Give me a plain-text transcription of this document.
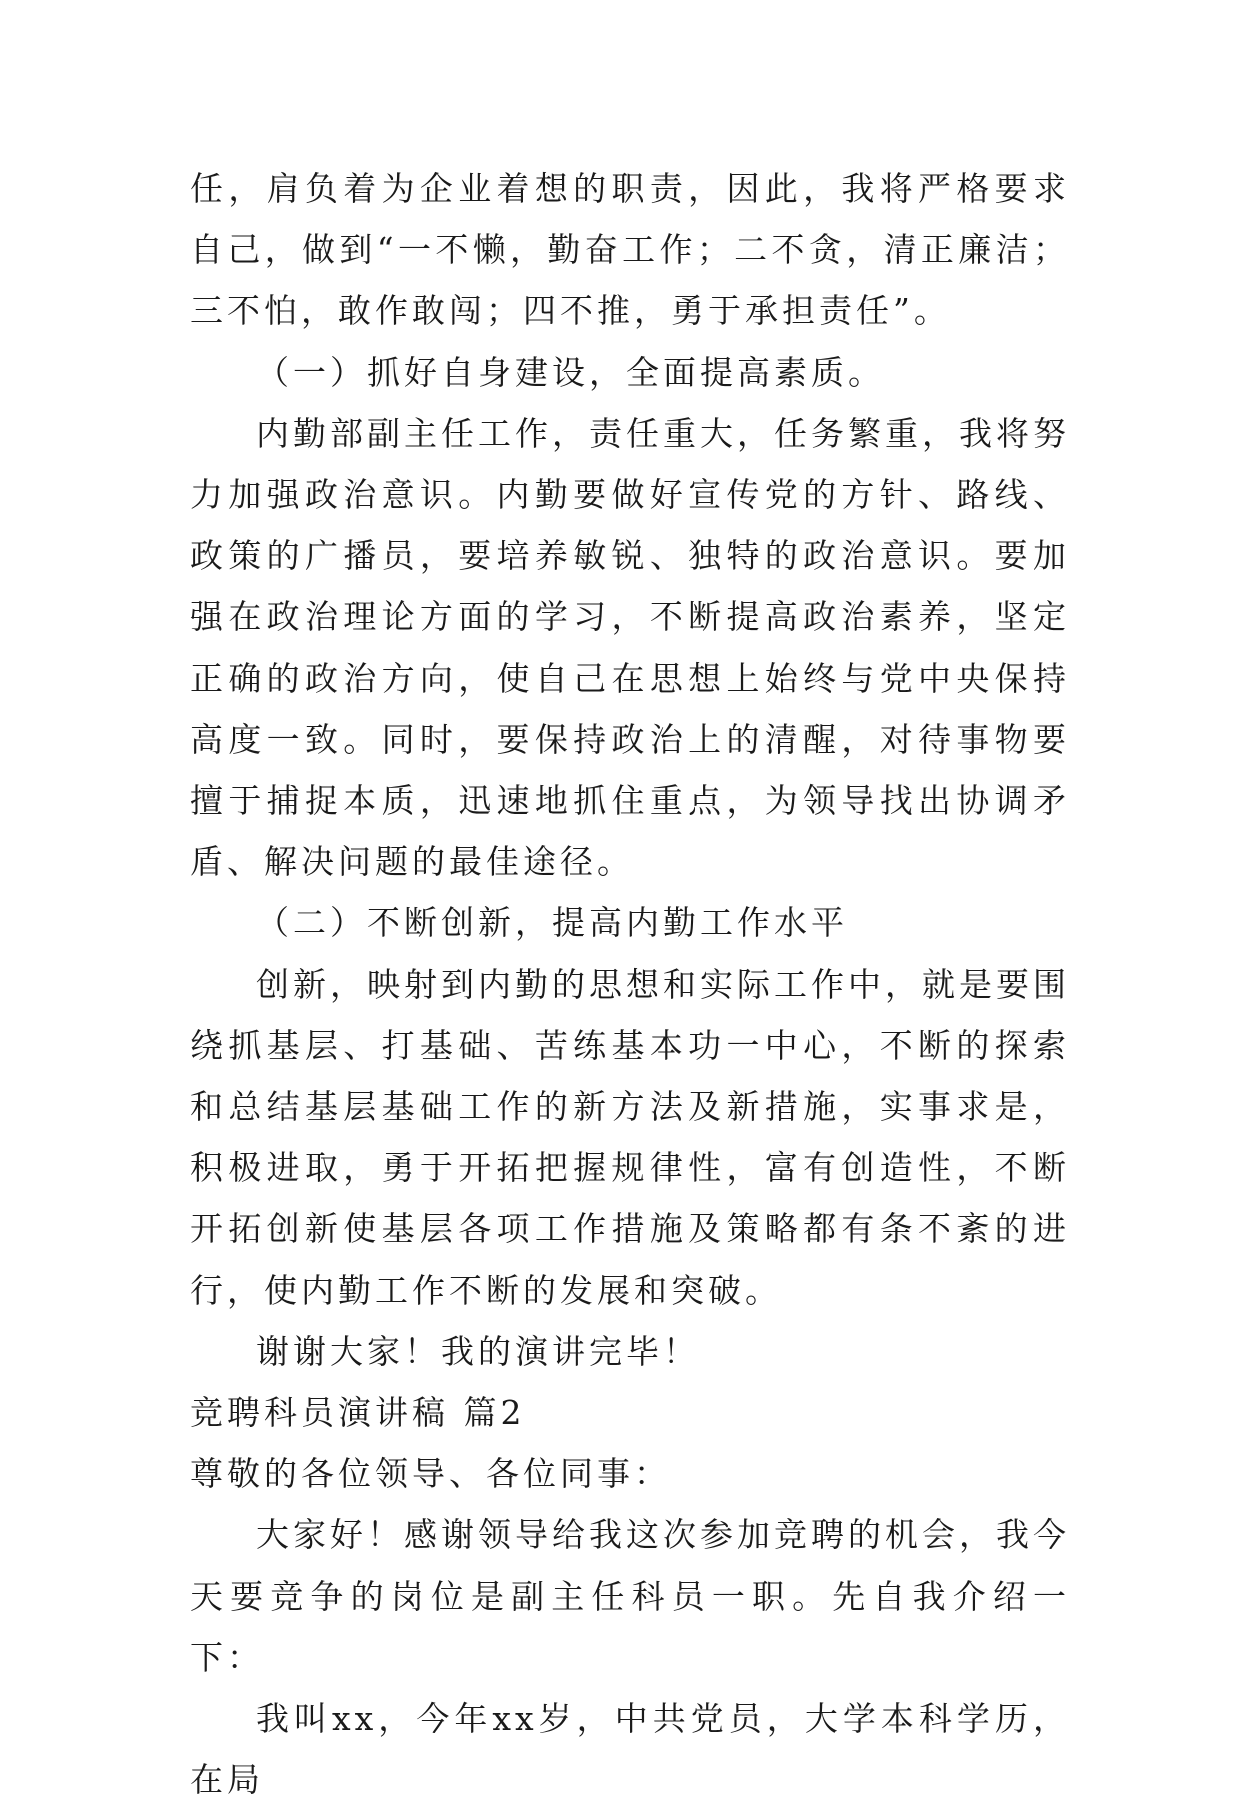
任，肩负着为企业着想的职责，因此，我将严格要求自己，做到“一不懒，勤奋工作；二不贪，清正廉洁；三不怕，敢作敢闯；四不推，勇于承担责任”。

（一）抓好自身建设，全面提高素质。

内勤部副主任工作，责任重大，任务繁重，我将努力加强政治意识。内勤要做好宣传党的方针、路线、政策的广播员，要培养敏锐、独特的政治意识。要加强在政治理论方面的学习，不断提高政治素养，坚定正确的政治方向，使自己在思想上始终与党中央保持高度一致。同时，要保持政治上的清醒，对待事物要擅于捕捉本质，迅速地抓住重点，为领导找出协调矛盾、解决问题的最佳途径。

（二）不断创新，提高内勤工作水平

创新，映射到内勤的思想和实际工作中，就是要围绕抓基层、打基础、苦练基本功一中心，不断的探索和总结基层基础工作的新方法及新措施，实事求是，积极进取，勇于开拓把握规律性，富有创造性，不断开拓创新使基层各项工作措施及策略都有条不紊的进行，使内勤工作不断的发展和突破。

谢谢大家！我的演讲完毕！

竞聘科员演讲稿 篇2

尊敬的各位领导、各位同事：

大家好！感谢领导给我这次参加竞聘的机会，我今天要竞争的岗位是副主任科员一职。先自我介绍一下：

我叫xx，今年xx岁，中共党员，大学本科学历，在局
